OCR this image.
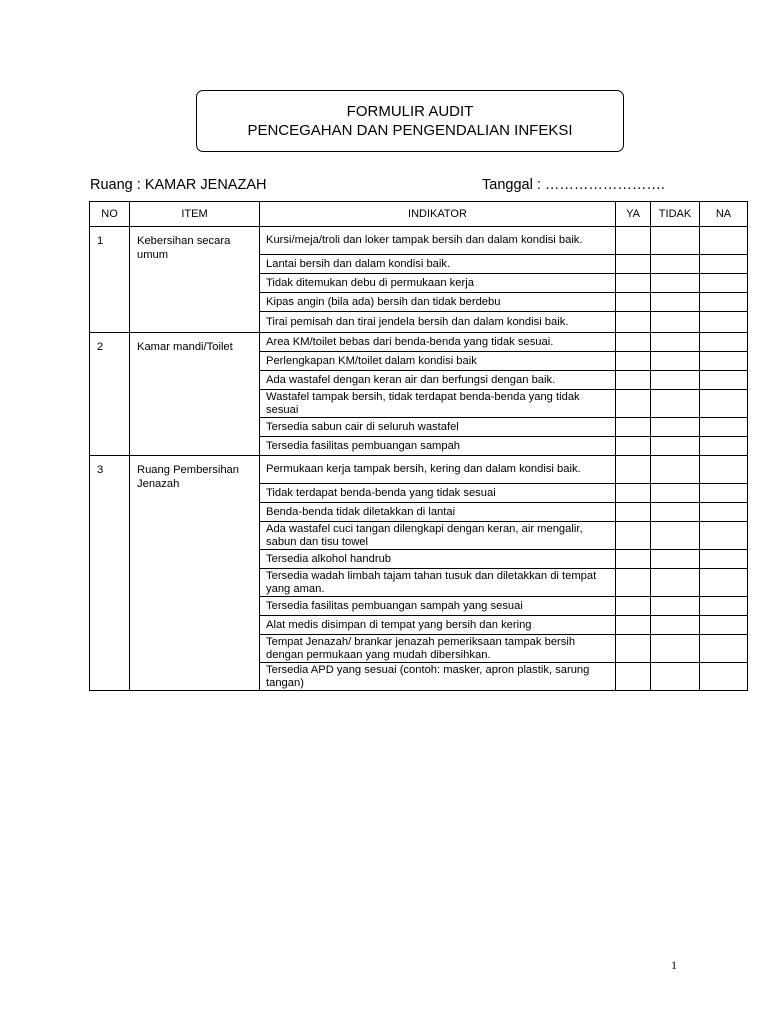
FORMULIR AUDIT
PENCEGAHAN DAN PENGENDALIAN INFEKSI
Ruang : KAMAR JENAZAH	Tanggal : …………………….
NO	ITEM	INDIKATOR	YA	TIDAK	NA
1	Kebersihan secara umum	Kursi/meja/troli dan loker tampak bersih dan dalam kondisi baik.			

		Lantai bersih dan dalam kondisi baik.			

		Tidak ditemukan debu di permukaan kerja			

		Kipas angin (bila ada) bersih dan tidak berdebu			

		Tirai pemisah dan tirai jendela bersih dan dalam kondisi baik.			

2	Kamar mandi/Toilet	Area KM/toilet bebas dari benda-benda yang tidak sesuai.			

		Perlengkapan KM/toilet dalam kondisi baik			

		Ada wastafel dengan keran air dan berfungsi dengan baik.			

		Wastafel tampak bersih, tidak terdapat benda-benda yang tidak sesuai			

		Tersedia sabun cair di seluruh wastafel			

		Tersedia fasilitas pembuangan sampah			

3	Ruang Pembersihan Jenazah	Permukaan kerja tampak bersih, kering dan dalam kondisi baik.			

		Tidak terdapat benda-benda yang tidak sesuai			

		Benda-benda tidak diletakkan di lantai			

		Ada wastafel cuci tangan dilengkapi dengan keran, air mengalir, sabun dan tisu towel			

		Tersedia alkohol handrub			

		Tersedia wadah limbah tajam tahan tusuk dan diletakkan di tempat yang aman.			

		Tersedia fasilitas pembuangan sampah yang sesuai			

		Alat medis disimpan di tempat yang bersih dan kering			

		Tempat Jenazah/ brankar jenazah pemeriksaan tampak bersih dengan permukaan yang mudah dibersihkan.			

		Tersedia APD yang sesuai (contoh: masker, apron plastik, sarung tangan)			

1
